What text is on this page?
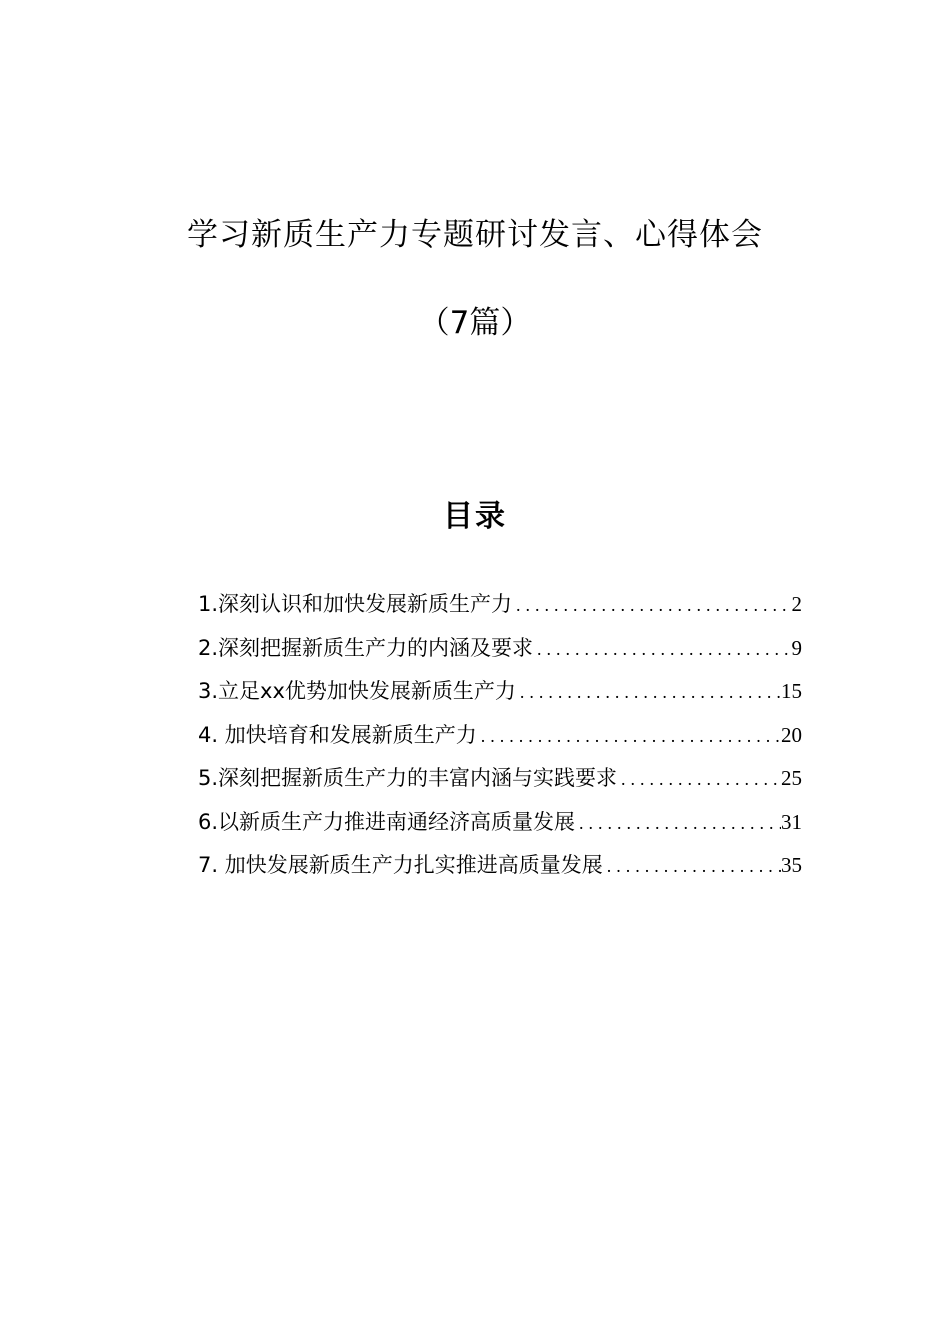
学习新质生产力专题研讨发言、心得体会
（7篇）
目录
1.深刻认识和加快发展新质生产力 .....	2
2.深刻把握新质生产力的内涵及要求 .....	9
3.立足xx优势加快发展新质生产力 .....	15
4. 加快培育和发展新质生产力 .....	20
5.深刻把握新质生产力的丰富内涵与实践要求 .....	25
6.以新质生产力推进南通经济高质量发展 .....	31
7. 加快发展新质生产力扎实推进高质量发展 .....	35
